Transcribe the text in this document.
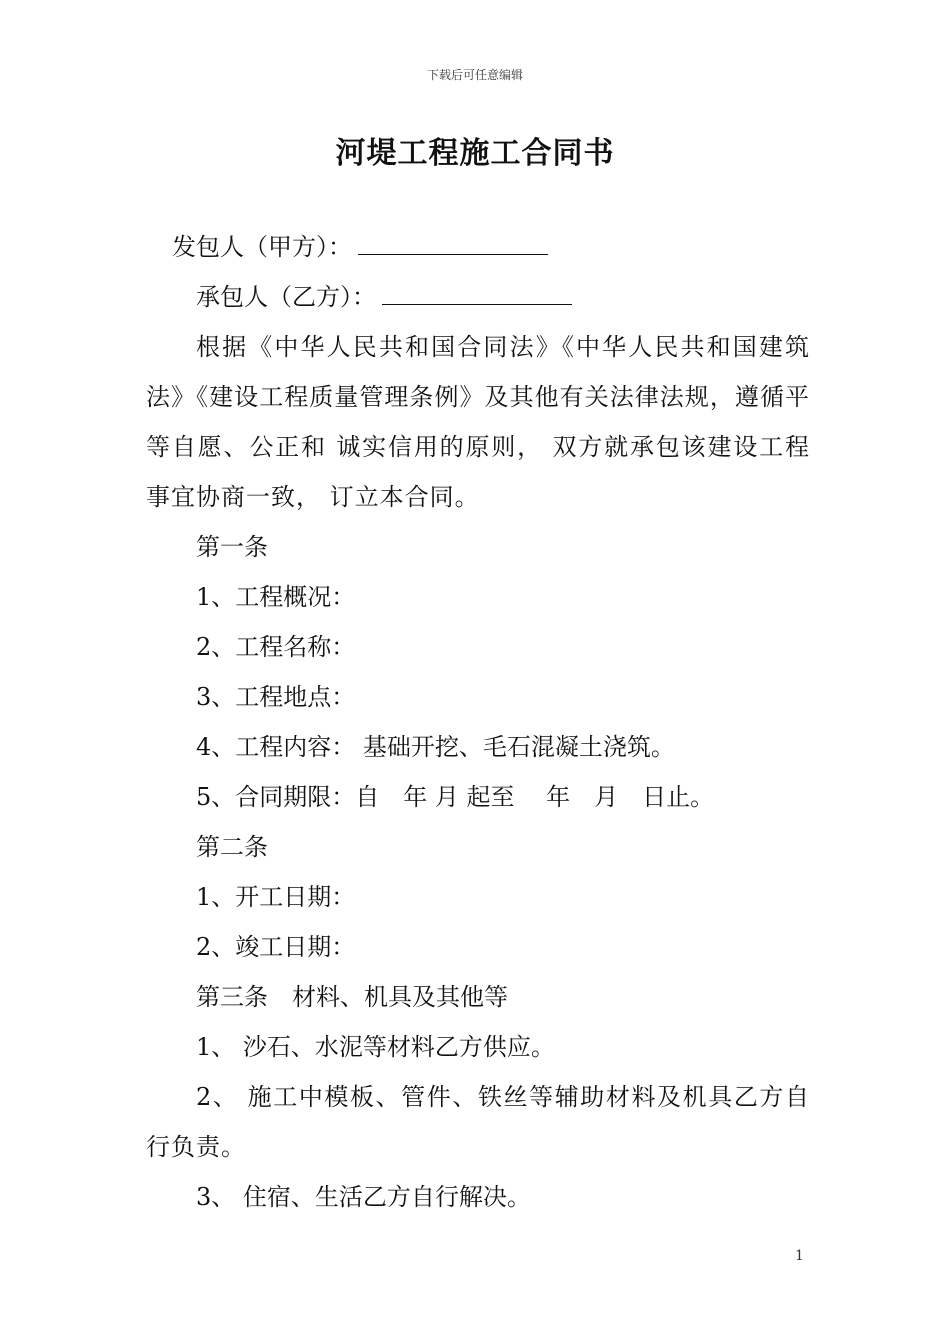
下载后可任意编辑
河堤工程施工合同书
发包人（甲方）：
承包人（乙方）：
根据《中华人民共和国合同法》《中华人民共和国建筑法》《建设工程质量管理条例》及其他有关法律法规，遵循平等自愿、公正和 诚实信用的原则， 双方就承包该建设工程事宜协商一致， 订立本合同。
第一条
1、工程概况：
2、工程名称：
3、工程地点：
4、工程内容： 基础开挖、毛石混凝土浇筑。
5、合同期限：自　年 月 起至　 年　月　日止。
第二条
1、开工日期：
2、竣工日期：
第三条　材料、机具及其他等
1、 沙石、水泥等材料乙方供应。
2、 施工中模板、管件、铁丝等辅助材料及机具乙方自行负责。
3、 住宿、生活乙方自行解决。
1
